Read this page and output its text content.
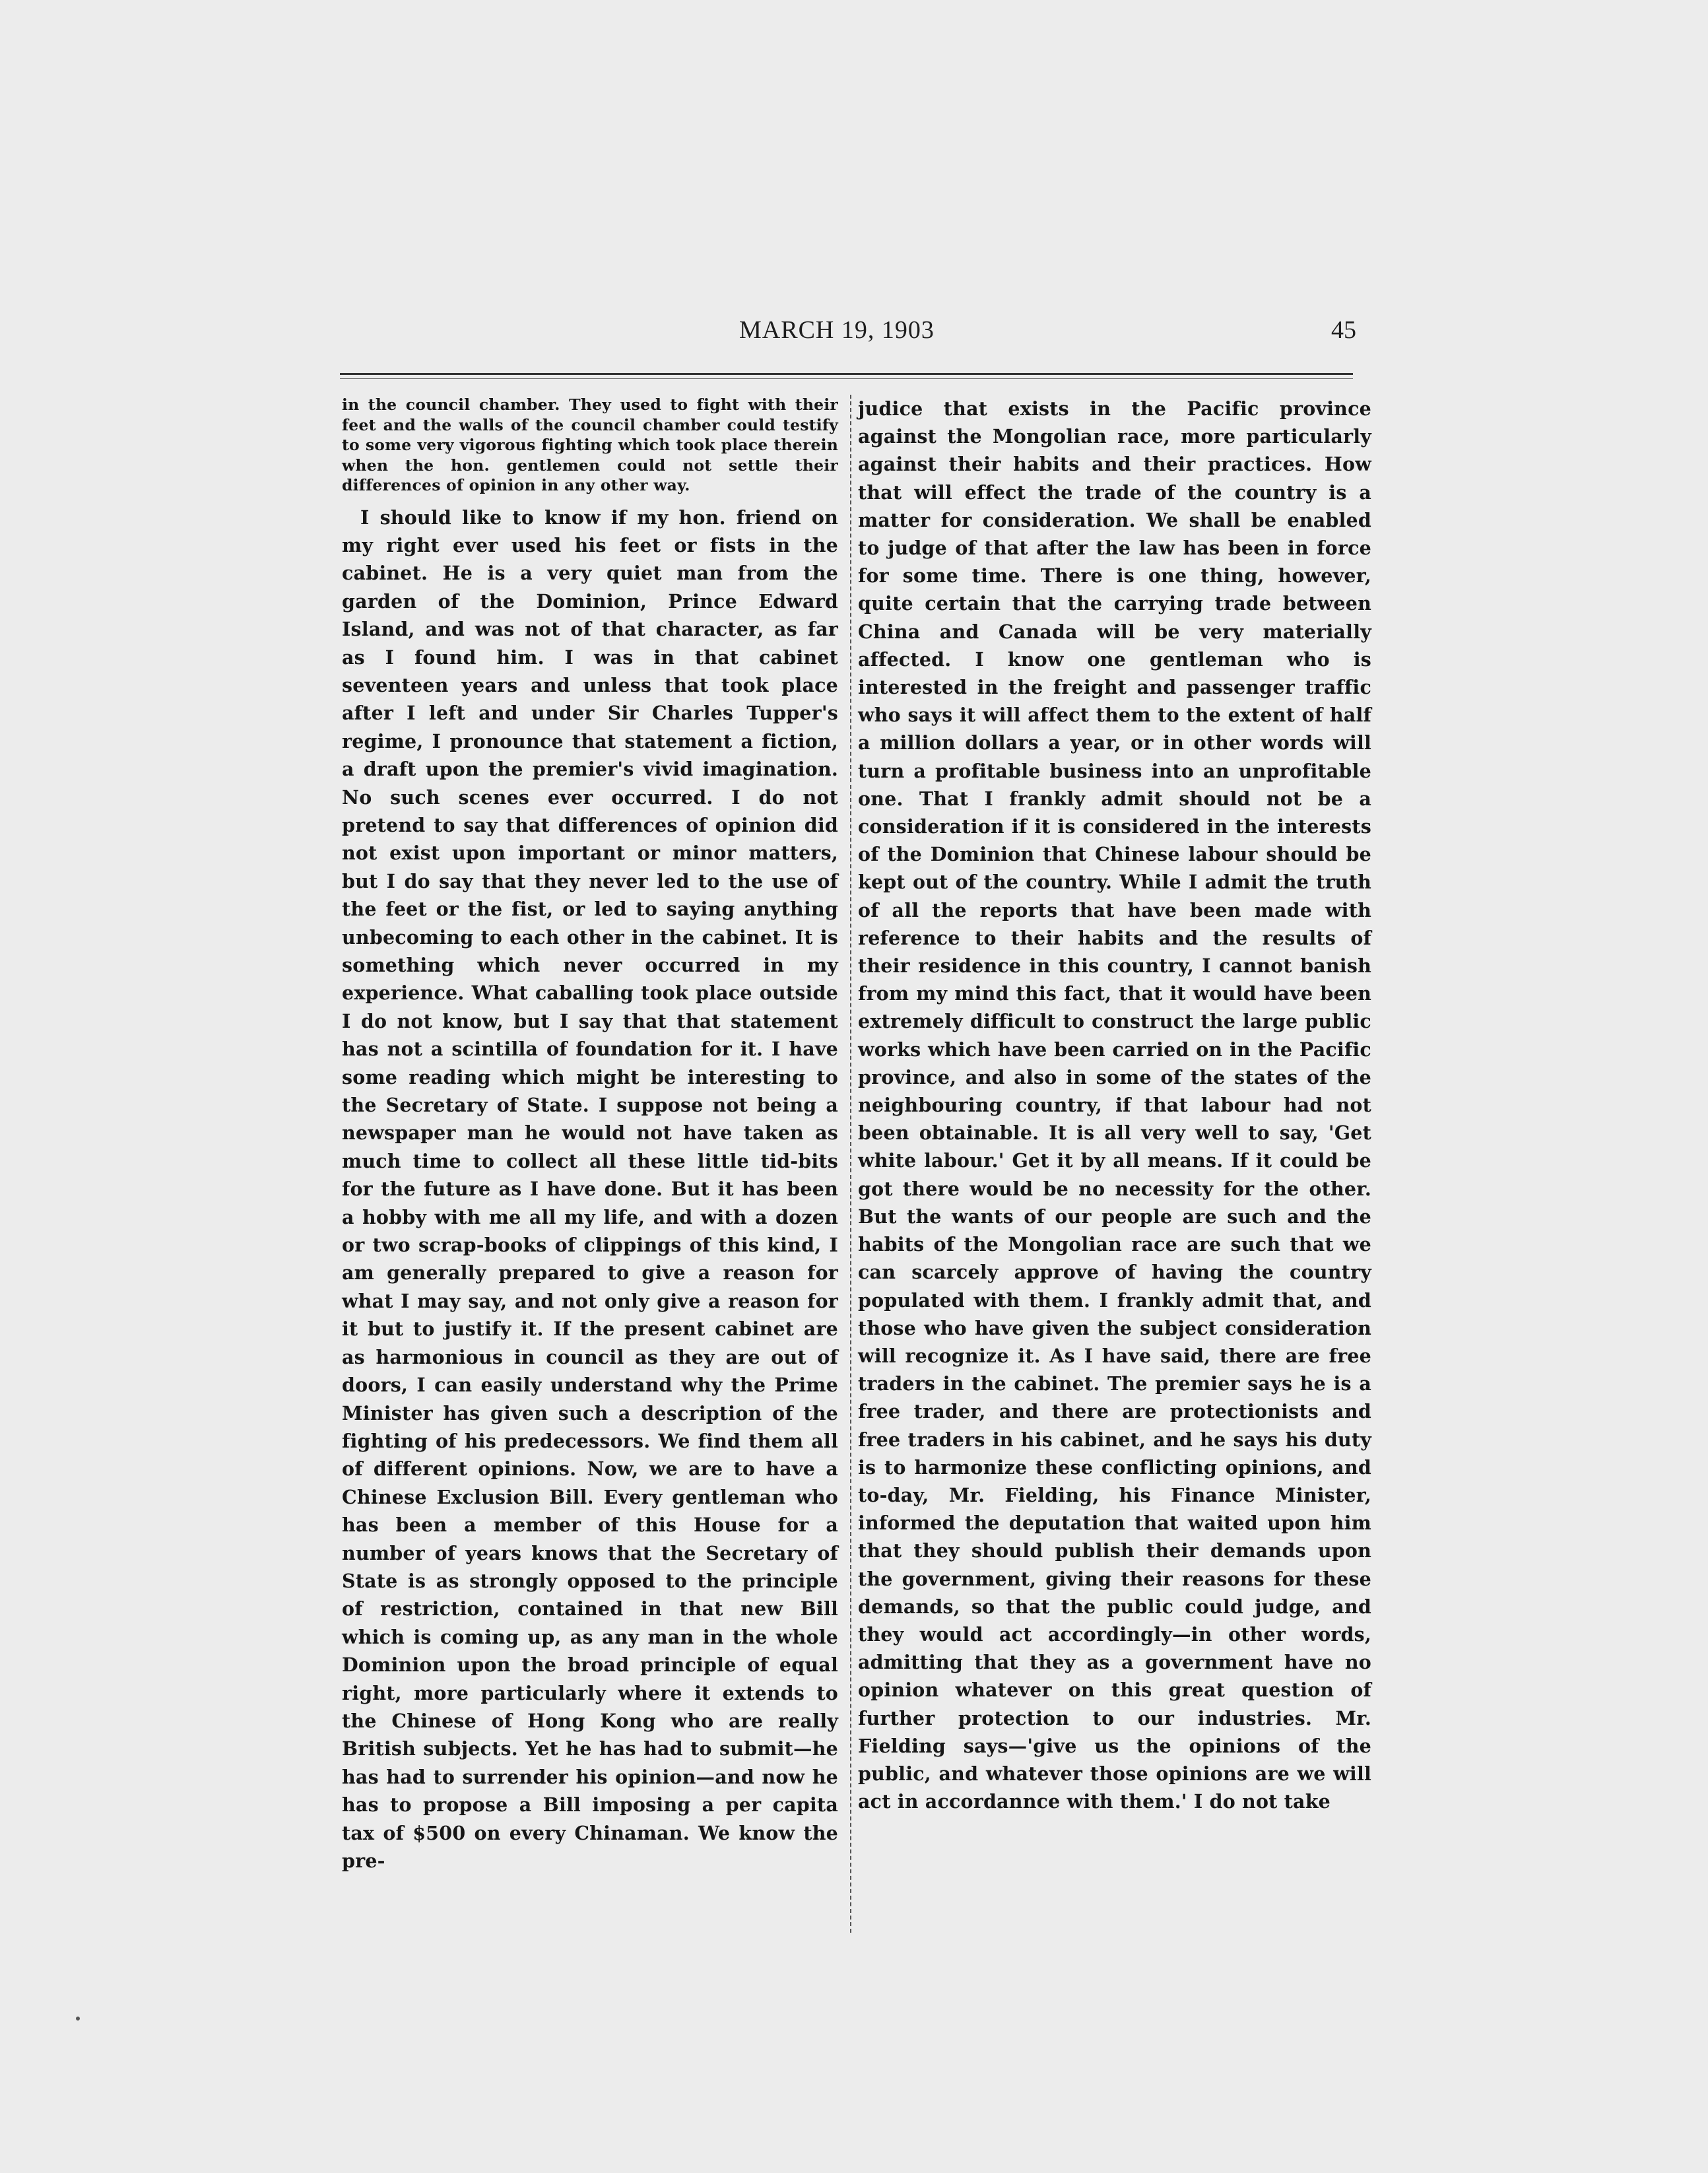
MARCH 19, 1903	45

in the council chamber. They used to fight with their feet and the walls of the council chamber could testify to some very vigorous fighting which took place therein when the hon. gentlemen could not settle their differences of opinion in any other way.

I should like to know if my hon. friend on my right ever used his feet or fists in the cabinet. He is a very quiet man from the garden of the Dominion, Prince Edward Island, and was not of that character, as far as I found him. I was in that cabinet seventeen years and unless that took place after I left and under Sir Charles Tupper's regime, I pronounce that statement a fiction, a draft upon the premier's vivid imagination. No such scenes ever occurred. I do not pretend to say that differences of opinion did not exist upon important or minor matters, but I do say that they never led to the use of the feet or the fist, or led to saying anything unbecoming to each other in the cabinet. It is something which never occurred in my experience. What caballing took place outside I do not know, but I say that that statement has not a scintilla of foundation for it. I have some reading which might be interesting to the Secretary of State. I suppose not being a newspaper man he would not have taken as much time to collect all these little tid-bits for the future as I have done. But it has been a hobby with me all my life, and with a dozen or two scrap-books of clippings of this kind, I am generally prepared to give a reason for what I may say, and not only give a reason for it but to justify it. If the present cabinet are as harmonious in council as they are out of doors, I can easily understand why the Prime Minister has given such a description of the fighting of his predecessors. We find them all of different opinions. Now, we are to have a Chinese Exclusion Bill. Every gentleman who has been a member of this House for a number of years knows that the Secretary of State is as strongly opposed to the principle of restriction, contained in that new Bill which is coming up, as any man in the whole Dominion upon the broad principle of equal right, more particularly where it extends to the Chinese of Hong Kong who are really British subjects. Yet he has had to submit—he has had to surrender his opinion—and now he has to propose a Bill imposing a per capita tax of $500 on every Chinaman. We know the pre-

judice that exists in the Pacific province against the Mongolian race, more particularly against their habits and their practices. How that will effect the trade of the country is a matter for consideration. We shall be enabled to judge of that after the law has been in force for some time. There is one thing, however, quite certain that the carrying trade between China and Canada will be very materially affected. I know one gentleman who is interested in the freight and passenger traffic who says it will affect them to the extent of half a million dollars a year, or in other words will turn a profitable business into an unprofitable one. That I frankly admit should not be a consideration if it is considered in the interests of the Dominion that Chinese labour should be kept out of the country. While I admit the truth of all the reports that have been made with reference to their habits and the results of their residence in this country, I cannot banish from my mind this fact, that it would have been extremely difficult to construct the large public works which have been carried on in the Pacific province, and also in some of the states of the neighbouring country, if that labour had not been obtainable. It is all very well to say, 'Get white labour.' Get it by all means. If it could be got there would be no necessity for the other. But the wants of our people are such and the habits of the Mongolian race are such that we can scarcely approve of having the country populated with them. I frankly admit that, and those who have given the subject consideration will recognize it. As I have said, there are free traders in the cabinet. The premier says he is a free trader, and there are protectionists and free traders in his cabinet, and he says his duty is to harmonize these conflicting opinions, and to-day, Mr. Fielding, his Finance Minister, informed the deputation that waited upon him that they should publish their demands upon the government, giving their reasons for these demands, so that the public could judge, and they would act accordingly—in other words, admitting that they as a government have no opinion whatever on this great question of further protection to our industries. Mr. Fielding says—'give us the opinions of the public, and whatever those opinions are we will act in accordannce with them.' I do not take
